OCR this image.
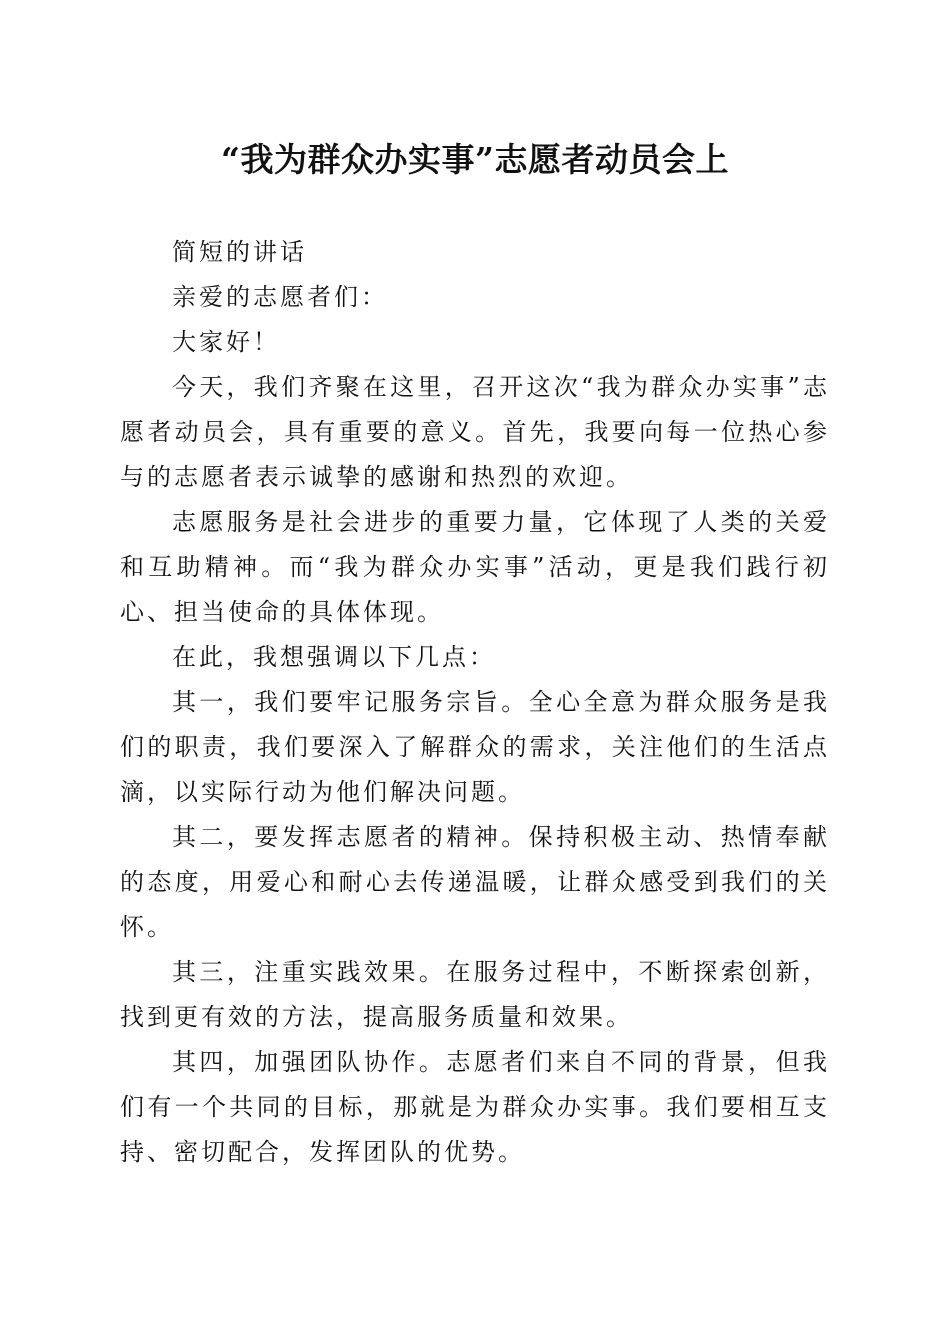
“我为群众办实事”志愿者动员会上

简短的讲话

亲爱的志愿者们：

大家好！

今天，我们齐聚在这里，召开这次“我为群众办实事”志愿者动员会，具有重要的意义。首先，我要向每一位热心参与的志愿者表示诚挚的感谢和热烈的欢迎。

志愿服务是社会进步的重要力量，它体现了人类的关爱和互助精神。而“我为群众办实事”活动，更是我们践行初心、担当使命的具体体现。

在此，我想强调以下几点：

其一，我们要牢记服务宗旨。全心全意为群众服务是我们的职责，我们要深入了解群众的需求，关注他们的生活点滴，以实际行动为他们解决问题。

其二，要发挥志愿者的精神。保持积极主动、热情奉献的态度，用爱心和耐心去传递温暖，让群众感受到我们的关怀。

其三，注重实践效果。在服务过程中，不断探索创新，找到更有效的方法，提高服务质量和效果。

其四，加强团队协作。志愿者们来自不同的背景，但我们有一个共同的目标，那就是为群众办实事。我们要相互支持、密切配合，发挥团队的优势。
